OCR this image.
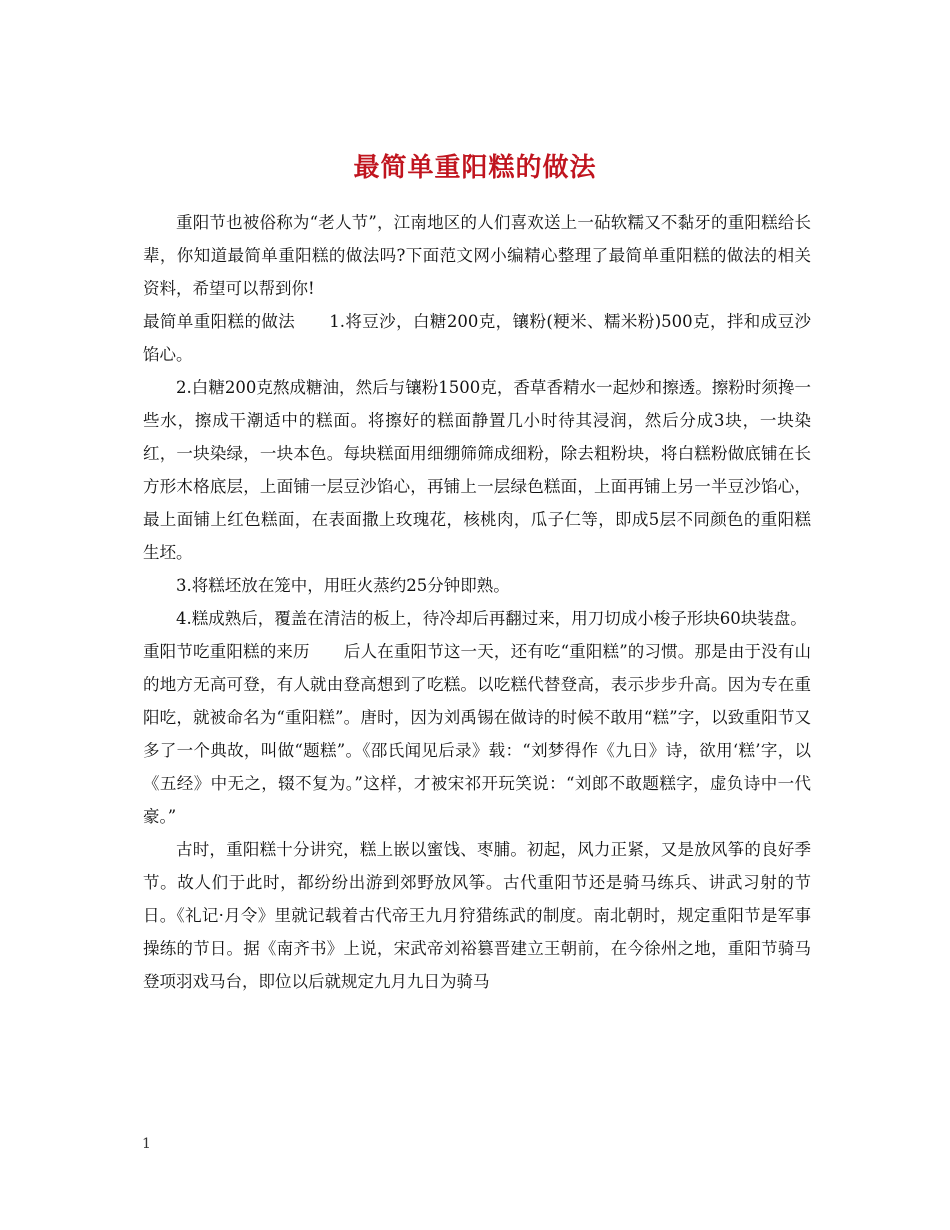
最简单重阳糕的做法

重阳节也被俗称为“老人节”，江南地区的人们喜欢送上一砧软糯又不黏牙的重阳糕给长辈，你知道最简单重阳糕的做法吗?下面范文网小编精心整理了最简单重阳糕的做法的相关资料，希望可以帮到你!

最简单重阳糕的做法 1.将豆沙，白糖200克，镶粉(粳米、糯米粉)500克，拌和成豆沙馅心。

2.白糖200克熬成糖油，然后与镶粉1500克，香草香精水一起炒和擦透。擦粉时须搀一些水，擦成干潮适中的糕面。将擦好的糕面静置几小时待其浸润，然后分成3块，一块染红，一块染绿，一块本色。每块糕面用细绷筛筛成细粉，除去粗粉块，将白糕粉做底铺在长方形木格底层，上面铺一层豆沙馅心，再铺上一层绿色糕面，上面再铺上另一半豆沙馅心，最上面铺上红色糕面，在表面撒上玫瑰花，核桃肉，瓜子仁等，即成5层不同颜色的重阳糕生坯。

3.将糕坯放在笼中，用旺火蒸约25分钟即熟。

4.糕成熟后，覆盖在清洁的板上，待冷却后再翻过来，用刀切成小梭子形块60块装盘。

重阳节吃重阳糕的来历 后人在重阳节这一天，还有吃“重阳糕”的习惯。那是由于没有山的地方无高可登，有人就由登高想到了吃糕。以吃糕代替登高，表示步步升高。因为专在重阳吃，就被命名为“重阳糕”。唐时，因为刘禹锡在做诗的时候不敢用“糕”字，以致重阳节又多了一个典故，叫做“题糕”。《邵氏闻见后录》载：“刘梦得作《九日》诗，欲用‘糕’字，以《五经》中无之，辍不复为。”这样，才被宋祁开玩笑说：“刘郎不敢题糕字，虚负诗中一代豪。”

古时，重阳糕十分讲究，糕上嵌以蜜饯、枣脯。初起，风力正紧，又是放风筝的良好季节。故人们于此时，都纷纷出游到郊野放风筝。古代重阳节还是骑马练兵、讲武习射的节日。《礼记·月令》里就记载着古代帝王九月狩猎练武的制度。南北朝时，规定重阳节是军事操练的节日。据《南齐书》上说，宋武帝刘裕篡晋建立王朝前，在今徐州之地，重阳节骑马登项羽戏马台，即位以后就规定九月九日为骑马

1
